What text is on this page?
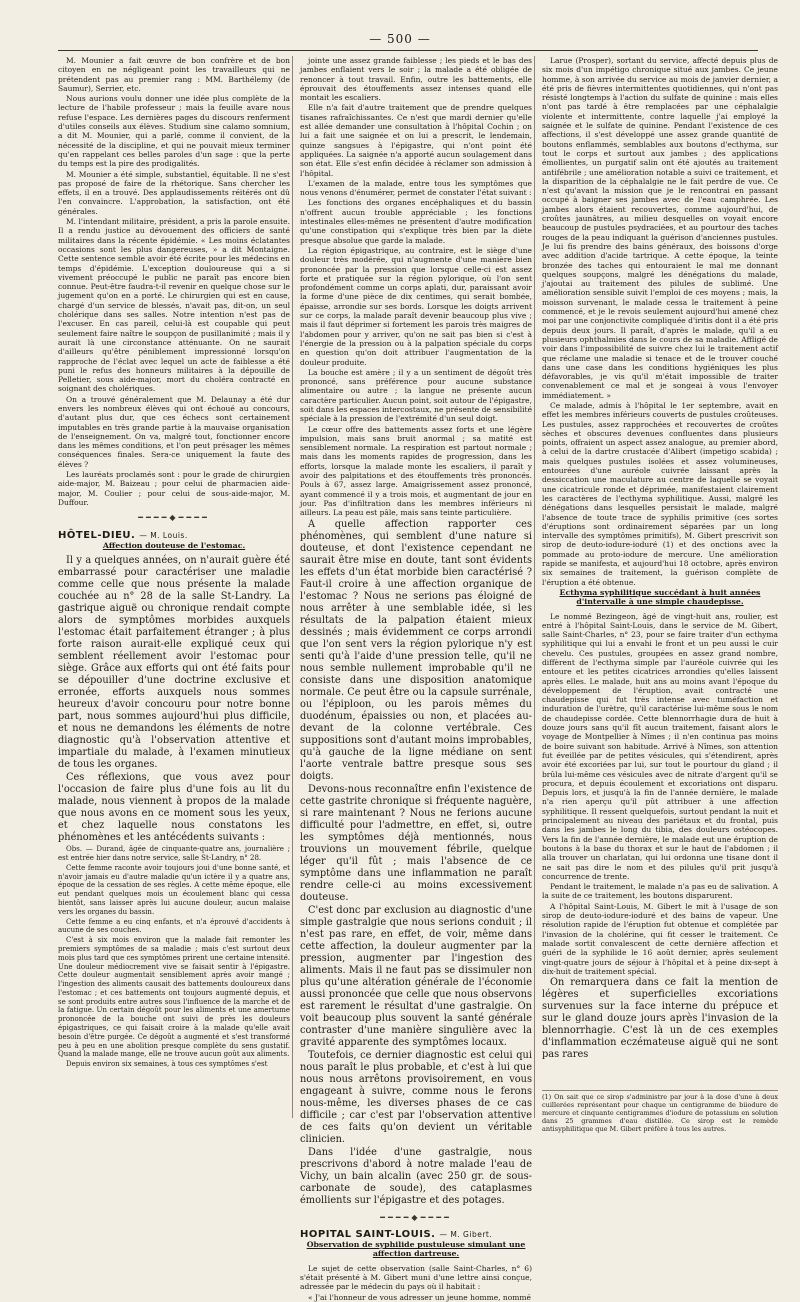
— 500 —

M. Mounier a fait œuvre de bon confrère et de bon citoyen en ne négligeant point les travailleurs qui ne prétendent pas au premier rang : MM. Barthélemy (de Saumur), Serrier, etc.

Nous aurions voulu donner une idée plus complète de la lecture de l'habile professeur ; mais la feuille avare nous refuse l'espace. Les dernières pages du discours renferment d'utiles conseils aux élèves. Studium sine calamo somnium, a dit M. Mounier, qui a parlé, comme il convient, de la nécessité de la discipline, et qui ne pouvait mieux terminer qu'en rappelant ces belles paroles d'un sage : que la perte du temps est la pire des prodigalités.

M. Mounier a été simple, substantiel, équitable. Il ne s'est pas proposé de faire de la rhétorique. Sans chercher les effets, il en a trouvé. Des applaudissements réitérés ont dû l'en convaincre. L'approbation, la satisfaction, ont été générales.

M. l'intendant militaire, président, a pris la parole ensuite. Il a rendu justice au dévouement des officiers de santé militaires dans la récente épidémie. « Les moins éclatantes occasions sont les plus dangereuses, » a dit Montaigne. Cette sentence semble avoir été écrite pour les médecins en temps d'épidémie. L'exception douloureuse qui a si vivement préoccupé le public ne paraît pas encore bien connue. Peut-être faudra-t-il revenir en quelque chose sur le jugement qu'on en a porté. Le chirurgien qui est en cause, chargé d'un service de blessés, n'avait pas, dit-on, un seul cholérique dans ses salles. Notre intention n'est pas de l'excuser. En cas pareil, celui-là est coupable qui peut seulement faire naître le soupçon de pusillanimité ; mais il y aurait là une circonstance atténuante. On ne saurait d'ailleurs qu'être péniblement impressionné lorsqu'on rapproche de l'éclat avec lequel un acte de faiblesse a été puni le refus des honneurs militaires à la dépouille de Pelletier, sous aide-major, mort du choléra contracté en soignant des cholériques.

On a trouvé généralement que M. Delaunay a été dur envers les nombreux élèves qui ont échoué au concours, d'autant plus dur, que ces échecs sont certainement imputables en très grande partie à la mauvaise organisation de l'enseignement. On va, malgré tout, fonctionner encore dans les mêmes conditions, et l'on peut présager les mêmes conséquences finales. Sera-ce uniquement la faute des élèves ?

Les lauréats proclamés sont : pour le grade de chirurgien aide-major, M. Baizeau ; pour celui de pharmacien aide-major, M. Coulier ; pour celui de sous-aide-major, M. Duffour.

━━━━◆━━━━
HÔTEL-DIEU. — M. Louis.
Affection douteuse de l'estomac.

Il y a quelques années, on n'aurait guère été embarrassé pour caractériser une maladie comme celle que nous présente la malade couchée au n° 28 de la salle St-Landry. La gastrique aiguë ou chronique rendait compte alors de symptômes morbides auxquels l'estomac était parfaitement étranger ; à plus forte raison aurait-elle expliqué ceux qui semblent réellement avoir l'estomac pour siège. Grâce aux efforts qui ont été faits pour se dépouiller d'une doctrine exclusive et erronée, efforts auxquels nous sommes heureux d'avoir concouru pour notre bonne part, nous sommes aujourd'hui plus difficile, et nous ne demandons les éléments de notre diagnostic qu'à l'observation attentive et impartiale du malade, à l'examen minutieux de tous les organes.

Ces réflexions, que vous avez pour l'occasion de faire plus d'une fois au lit du malade, nous viennent à propos de la malade que nous avons en ce moment sous les yeux, et chez laquelle nous constatons les phénomènes et les antécédents suivants :

Obs. — Durand, âgée de cinquante-quatre ans, journalière ; est entrée hier dans notre service, salle St-Landry, n° 28.

Cette femme raconte avoir toujours joui d'une bonne santé, et n'avoir jamais eu d'autre maladie qu'un ictère il y a quatre ans, époque de la cessation de ses règles. A cette même époque, elle eut pendant quelques mois un écoulement blanc qui cessa bientôt, sans laisser après lui aucune douleur, aucun malaise vers les organes du bassin.

Cette femme a eu cinq enfants, et n'a éprouvé d'accidents à aucune de ses couches.

C'est à six mois environ que la malade fait remonter les premiers symptômes de sa maladie ; mais c'est surtout deux mois plus tard que ces symptômes prirent une certaine intensité. Une douleur médiocrement vive se faisait sentir à l'épigastre. Cette douleur augmentait sensiblement après avoir mangé ; l'ingestion des aliments causait des battements douloureux dans l'estomac ; et ces battements ont toujours augmenté depuis, et se sont produits entre autres sous l'influence de la marche et de la fatigue. Un certain dégoût pour les aliments et une amertume prononcée de la bouche ont suivi de près les douleurs épigastriques, ce qui faisait croire à la malade qu'elle avait besoin d'être purgée. Ce dégoût a augmenté et s'est transformé peu à peu en une abolition presque complète du sens gustatif. Quand la malade mange, elle ne trouve aucun goût aux aliments.

Depuis environ six semaines, à tous ces symptômes s'est

jointe une assez grande faiblesse ; les pieds et le bas des jambes enflaient vers le soir ; la malade a été obligée de renoncer à tout travail. Enfin, outre les battements, elle éprouvait des étouffements assez intenses quand elle montait les escaliers.

Elle n'a fait d'autre traitement que de prendre quelques tisanes rafraîchissantes. Ce n'est que mardi dernier qu'elle est allée demander une consultation à l'hôpital Cochin ; on lui a fait une saignée et on lui a prescrit, le lendemain, quinze sangsues à l'épigastre, qui n'ont point été appliquées. La saignée n'a apporté aucun soulagement dans son état. Elle s'est enfin décidée à réclamer son admission à l'hôpital.

L'examen de la malade, entre tous les symptômes que nous venons d'énumérer, permet de constater l'état suivant :

Les fonctions des organes encéphaliques et du bassin n'offrent aucun trouble appréciable ; les fonctions intestinales elles-mêmes ne présentent d'autre modification qu'une constipation qui s'explique très bien par la diète presque absolue que garde la malade.

La région épigastrique, au contraire, est le siège d'une douleur très modérée, qui n'augmente d'une manière bien prononcée par la pression que lorsque celle-ci est assez forte et pratiquée sur la région pylorique, où l'on sent profondément comme un corps aplati, dur, paraissant avoir la forme d'une pièce de dix centimes, qui serait bombée, épaisse, arrondie sur ses bords. Lorsque les doigts arrivent sur ce corps, la malade paraît devenir beaucoup plus vive ; mais il faut déprimer si fortement les parois très maigres de l'abdomen pour y arriver, qu'on ne sait pas bien si c'est à l'énergie de la pression ou à la palpation spéciale du corps en question qu'on doit attribuer l'augmentation de la douleur produite.

La bouche est amère ; il y a un sentiment de dégoût très prononcé, sans préférence pour aucune substance alimentaire ou autre ; la langue ne présente aucun caractère particulier. Aucun point, soit autour de l'épigastre, soit dans les espaces intercostaux, ne présente de sensibilité spéciale à la pression de l'extrémité d'un seul doigt.

Le cœur offre des battements assez forts et une légère impulsion, mais sans bruit anormal ; sa matité est sensiblement normale. La respiration est partout normale ; mais dans les moments rapides de progression, dans les efforts, lorsque la malade monte les escaliers, il paraît y avoir des palpitations et des étouffements très prononcés. Pouls à 67, assez large. Amaigrissement assez prononcé, ayant commencé il y a trois mois, et augmentant de jour en jour. Pas d'infiltration dans les membres inférieurs ni ailleurs. La peau est pâle, mais sans teinte particulière.

A quelle affection rapporter ces phénomènes, qui semblent d'une nature si douteuse, et dont l'existence cependant ne saurait être mise en doute, tant sont évidents les effets d'un état morbide bien caractérisé ? Faut-il croire à une affection organique de l'estomac ? Nous ne serions pas éloigné de nous arrêter à une semblable idée, si les résultats de la palpation étaient mieux dessinés ; mais évidemment ce corps arrondi que l'on sent vers la région pylorique n'y est senti qu'à l'aide d'une pression telle, qu'il ne nous semble nullement improbable qu'il ne consiste dans une disposition anatomique normale. Ce peut être ou la capsule surrénale, ou l'épiploon, ou les parois mêmes du duodénum, épaissies ou non, et placées au-devant de la colonne vertébrale. Ces suppositions sont d'autant moins improbables, qu'à gauche de la ligne médiane on sent l'aorte ventrale battre presque sous ses doigts.

Devons-nous reconnaître enfin l'existence de cette gastrite chronique si fréquente naguère, si rare maintenant ? Nous ne ferions aucune difficulté pour l'admettre, en effet, si, outre les symptômes déjà mentionnés, nous trouvions un mouvement fébrile, quelque léger qu'il fût ; mais l'absence de ce symptôme dans une inflammation ne paraît rendre celle-ci au moins excessivement douteuse.

C'est donc par exclusion au diagnostic d'une simple gastralgie que nous serions conduit ; il n'est pas rare, en effet, de voir, même dans cette affection, la douleur augmenter par la pression, augmenter par l'ingestion des aliments. Mais il ne faut pas se dissimuler non plus qu'une altération générale de l'économie aussi prononcée que celle que nous observons est rarement le résultat d'une gastralgie. On voit beaucoup plus souvent la santé générale contraster d'une manière singulière avec la gravité apparente des symptômes locaux.

Toutefois, ce dernier diagnostic est celui qui nous paraît le plus probable, et c'est à lui que nous nous arrêtons provisoirement, en vous engageant à suivre, comme nous le ferons nous-même, les diverses phases de ce cas difficile ; car c'est par l'observation attentive de ces faits qu'on devient un véritable clinicien.

Dans l'idée d'une gastralgie, nous prescrivons d'abord à notre malade l'eau de Vichy, un bain alcalin (avec 250 gr. de sous-carbonate de soude), des cataplasmes émollients sur l'épigastre et des potages.

━━━━◆━━━━
HOPITAL SAINT-LOUIS. — M. Gibert.
Observation de syphilide pustuleuse simulant une affection dartreuse.

Le sujet de cette observation (salle Saint-Charles, n° 6) s'était présenté à M. Gibert muni d'une lettre ainsi conçue, adressée par le médecin du pays où il habitait :

« J'ai l'honneur de vous adresser un jeune homme, nommé

Larue (Prosper), sortant du service, affecté depuis plus de six mois d'un impétigo chronique situé aux jambes. Ce jeune homme, à son arrivée du service au mois de janvier dernier, a été pris de fièvres intermittentes quotidiennes, qui n'ont pas résisté longtemps à l'action du sulfate de quinine : mais elles n'ont pas tardé à être remplacées par une céphalalgie violente et intermittente, contre laquelle j'ai employé la saignée et le sulfate de quinine. Pendant l'existence de ces affections, il s'est développé une assez grande quantité de boutons enflammés, semblables aux boutons d'ecthyma, sur tout le corps et surtout aux jambes ; des applications émollientes, un purgatif salin ont été ajoutés au traitement antifébrile ; une amélioration notable a suivi ce traitement, et la disparition de la céphalalgie ne le fait perdre de vue. Ce n'est qu'avant la mission que je le rencontrai en passant occupé à baigner ses jambes avec de l'eau camphrée. Les jambes alors étaient recouvertes, comme aujourd'hui, de croûtes jaunâtres, au milieu desquelles on voyait encore beaucoup de pustules psydraciées, et au pourtour des taches rouges de la peau indiquant la guérison d'anciennes pustules. Je lui fis prendre des bains généraux, des boissons d'orge avec addition d'acide tartrique. A cette époque, la teinte bronzée des taches qui entouraient le mal me donnant quelques soupçons, malgré les dénégations du malade, j'ajoutai au traitement des pilules de sublimé. Une amélioration sensible suivit l'emploi de ces moyens ; mais, la moisson survenant, le malade cessa le traitement à peine commencé, et je le revois seulement aujourd'hui amené chez moi par une conjonctivite compliquée d'iritis dont il a été pris depuis deux jours. Il paraît, d'après le malade, qu'il a eu plusieurs ophthalmies dans le cours de sa maladie. Affligé de voir dans l'impossibilité de suivre chez lui le traitement actif que réclame une maladie si tenace et de le trouver couché dans une case dans les conditions hygiéniques les plus défavorables, je vis qu'il m'était impossible de traiter convenablement ce mal et je songeai à vous l'envoyer immédiatement. »

Ce malade, admis à l'hôpital le 1er septembre, avait en effet les membres inférieurs couverts de pustules croûteuses. Les pustules, assez rapprochées et recouvertes de croûtes sèches et obscures devenues confluentes dans plusieurs points, offraient un aspect assez analogue, au premier abord, à celui de la dartre crustacée d'Alibert (impetigo scabida) ; mais quelques pustules isolées et assez volumineuses, entourées d'une auréole cuivrée laissant après la dessiccation une maculature au centre de laquelle se voyait une cicatricule ronde et déprimée, manifestaient clairement les caractères de l'ecthyma syphilitique. Aussi, malgré les dénégations dans lesquelles persistait le malade, malgré l'absence de toute trace de syphilis primitive (ces sortes d'éruptions sont ordinairement séparées par un long intervalle des symptômes primitifs), M. Gibert prescrivit son sirop de deuto-iodure-ioduré (1) et des onctions avec la pommade au proto-iodure de mercure. Une amélioration rapide se manifesta, et aujourd'hui 18 octobre, après environ six semaines de traitement, la guérison complète de l'éruption a été obtenue.

Ecthyma syphilitique succédant à huit années d'intervalle à une simple chaudepisse.

Le nommé Bezingeon, âgé de vingt-huit ans, roulier, est entré à l'hôpital Saint-Louis, dans le service de M. Gibert, salle Saint-Charles, n° 23, pour se faire traiter d'un ecthyma syphilitique qui lui a envahi le front et un peu aussi le cuir chevelu. Ces pustules, groupées en assez grand nombre, diffèrent de l'ecthyma simple par l'auréole cuivrée qui les entoure et les petites cicatrices arrondies qu'elles laissent après elles. Le malade, huit ans au moins avant l'époque du développement de l'éruption, avait contracté une chaudepisse qui fut très intense avec tuméfaction et induration de l'urètre, qu'il caractérise lui-même sous le nom de chaudepisse cordée. Cette blennorrhagie dura de huit à douze jours sans qu'il fît aucun traitement, faisant alors le voyage de Montpellier à Nîmes ; il n'en continua pas moins de boire suivant son habitude. Arrivé à Nîmes, son attention fut éveillée par de petites vésicules, qui s'étendirent, après avoir été excoriées par lui, sur tout le pourtour du gland ; il brûla lui-même ces vésicules avec de nitrate d'argent qu'il se procura, et depuis écoulement et excoriations ont disparu. Depuis lors, et jusqu'à la fin de l'année dernière, le malade n'a rien aperçu qu'il pût attribuer à une affection syphilitique. Il ressent quelquefois, surtout pendant la nuit et principalement au niveau des pariétaux et du frontal, puis dans les jambes le long du tibia, des douleurs ostéocopes. Vers la fin de l'année dernière, le malade eut une éruption de boutons à la base du thorax et sur le haut de l'abdomen ; il alla trouver un charlatan, qui lui ordonna une tisane dont il ne sait pas dire le nom et des pilules qu'il prit jusqu'à concurrence de trente.

Pendant le traitement, le malade n'a pas eu de salivation. A la suite de ce traitement, les boutons disparurent.

A l'hôpital Saint-Louis, M. Gibert le mit à l'usage de son sirop de deuto-iodure-ioduré et des bains de vapeur. Une résolution rapide de l'éruption fut obtenue et complétée par l'invasion de la cholérine, qui fit cesser le traitement. Ce malade sortit convalescent de cette dernière affection et guéri de la syphilide le 16 août dernier, après seulement vingt-quatre jours de séjour à l'hôpital et à peine dix-sept à dix-huit de traitement spécial.

On remarquera dans ce fait la mention de légères et superficielles excoriations survenues sur la face interne du prépuce et sur le gland douze jours après l'invasion de la blennorrhagie. C'est là un de ces exemples d'inflammation eczémateuse aiguë qui ne sont pas rares

(1) On sait que ce sirop s'administre par jour à la dose d'une à deux cuillerées représentant pour chaque un centigramme de biiodure de mercure et cinquante centigrammes d'iodure de potassium en solution dans 25 grammes d'eau distillée. Ce sirop est le remède antisyphilitique que M. Gibert préfère à tous les autres.
